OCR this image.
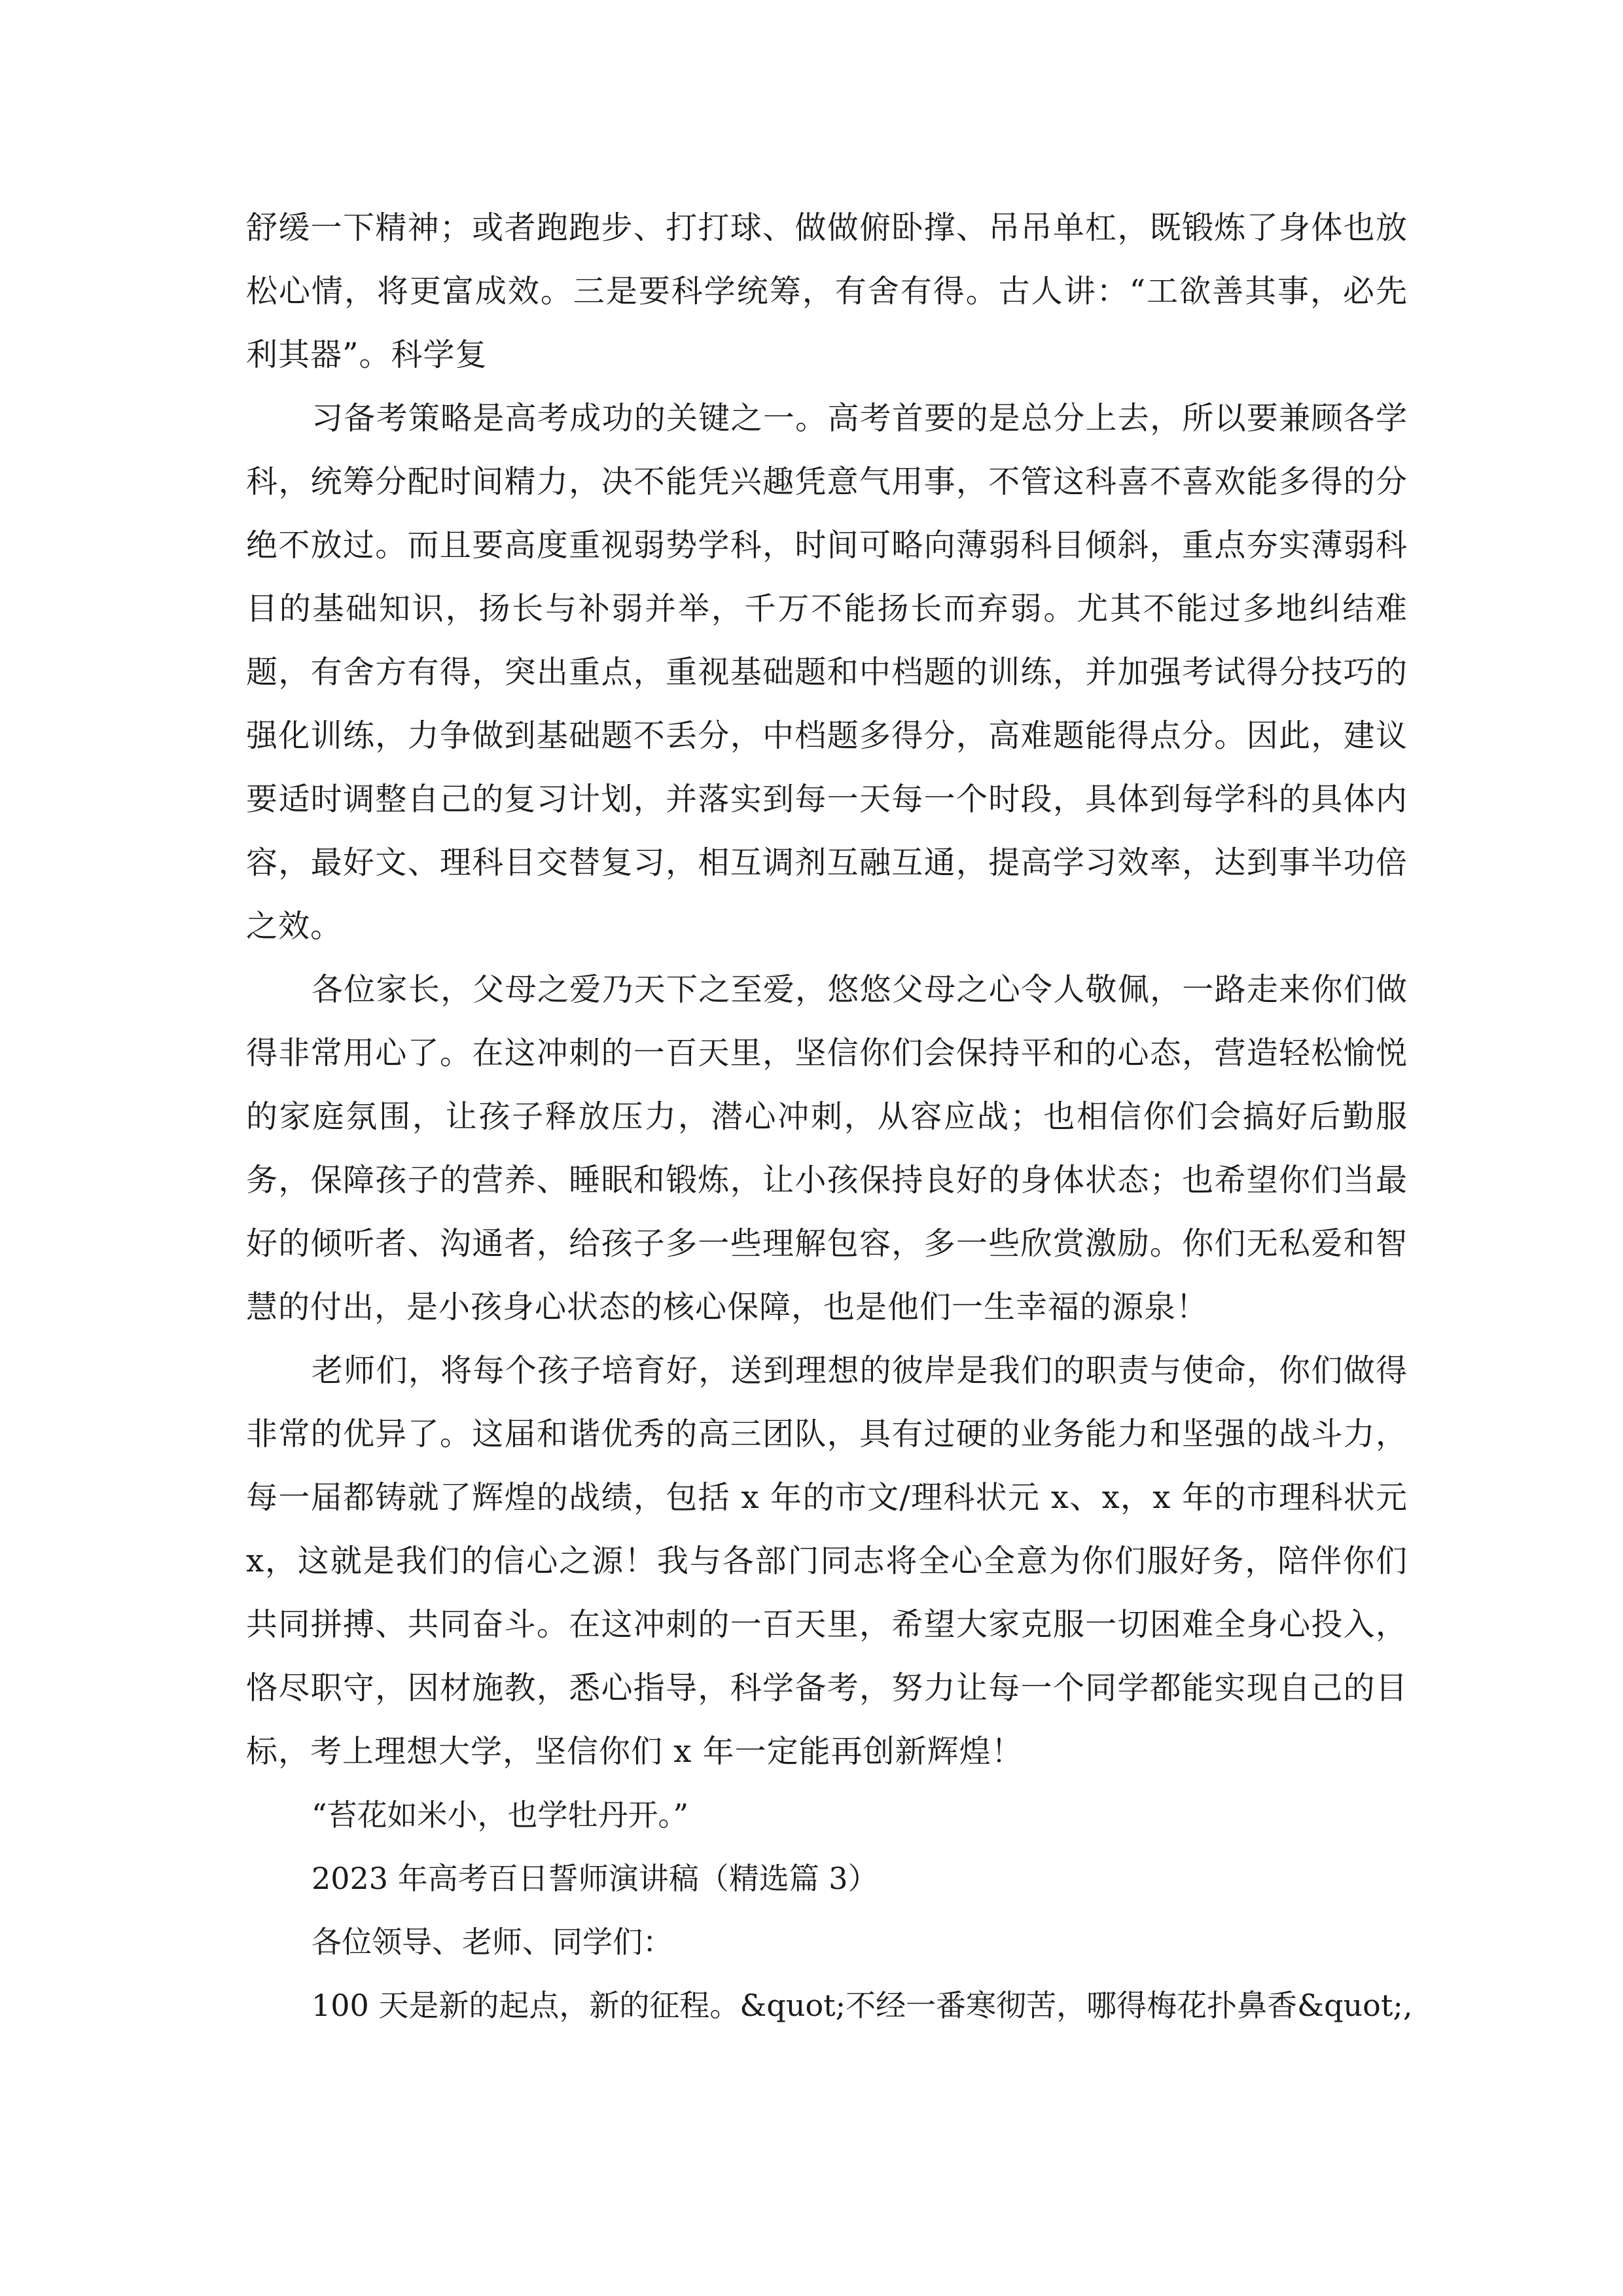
舒缓一下精神；或者跑跑步、打打球、做做俯卧撑、吊吊单杠，既锻炼了身体也放松心情，将更富成效。三是要科学统筹，有舍有得。古人讲：“工欲善其事，必先利其器”。科学复

习备考策略是高考成功的关键之一。高考首要的是总分上去，所以要兼顾各学科，统筹分配时间精力，决不能凭兴趣凭意气用事，不管这科喜不喜欢能多得的分绝不放过。而且要高度重视弱势学科，时间可略向薄弱科目倾斜，重点夯实薄弱科目的基础知识，扬长与补弱并举，千万不能扬长而弃弱。尤其不能过多地纠结难题，有舍方有得，突出重点，重视基础题和中档题的训练，并加强考试得分技巧的强化训练，力争做到基础题不丢分，中档题多得分，高难题能得点分。因此，建议要适时调整自己的复习计划，并落实到每一天每一个时段，具体到每学科的具体内容，最好文、理科目交替复习，相互调剂互融互通，提高学习效率，达到事半功倍之效。

各位家长，父母之爱乃天下之至爱，悠悠父母之心令人敬佩，一路走来你们做得非常用心了。在这冲刺的一百天里，坚信你们会保持平和的心态，营造轻松愉悦的家庭氛围，让孩子释放压力，潜心冲刺，从容应战；也相信你们会搞好后勤服务，保障孩子的营养、睡眠和锻炼，让小孩保持良好的身体状态；也希望你们当最好的倾听者、沟通者，给孩子多一些理解包容，多一些欣赏激励。你们无私爱和智慧的付出，是小孩身心状态的核心保障，也是他们一生幸福的源泉！

老师们，将每个孩子培育好，送到理想的彼岸是我们的职责与使命，你们做得非常的优异了。这届和谐优秀的高三团队，具有过硬的业务能力和坚强的战斗力，每一届都铸就了辉煌的战绩，包括 x 年的市文/理科状元 x、x，x 年的市理科状元 x，这就是我们的信心之源！我与各部门同志将全心全意为你们服好务，陪伴你们共同拼搏、共同奋斗。在这冲刺的一百天里，希望大家克服一切困难全身心投入，恪尽职守，因材施教，悉心指导，科学备考，努力让每一个同学都能实现自己的目标，考上理想大学，坚信你们 x 年一定能再创新辉煌！

“苔花如米小，也学牡丹开。”

2023 年高考百日誓师演讲稿（精选篇 3）

各位领导、老师、同学们：

100 天是新的起点，新的征程。&quot;不经一番寒彻苦，哪得梅花扑鼻香&quot;,
